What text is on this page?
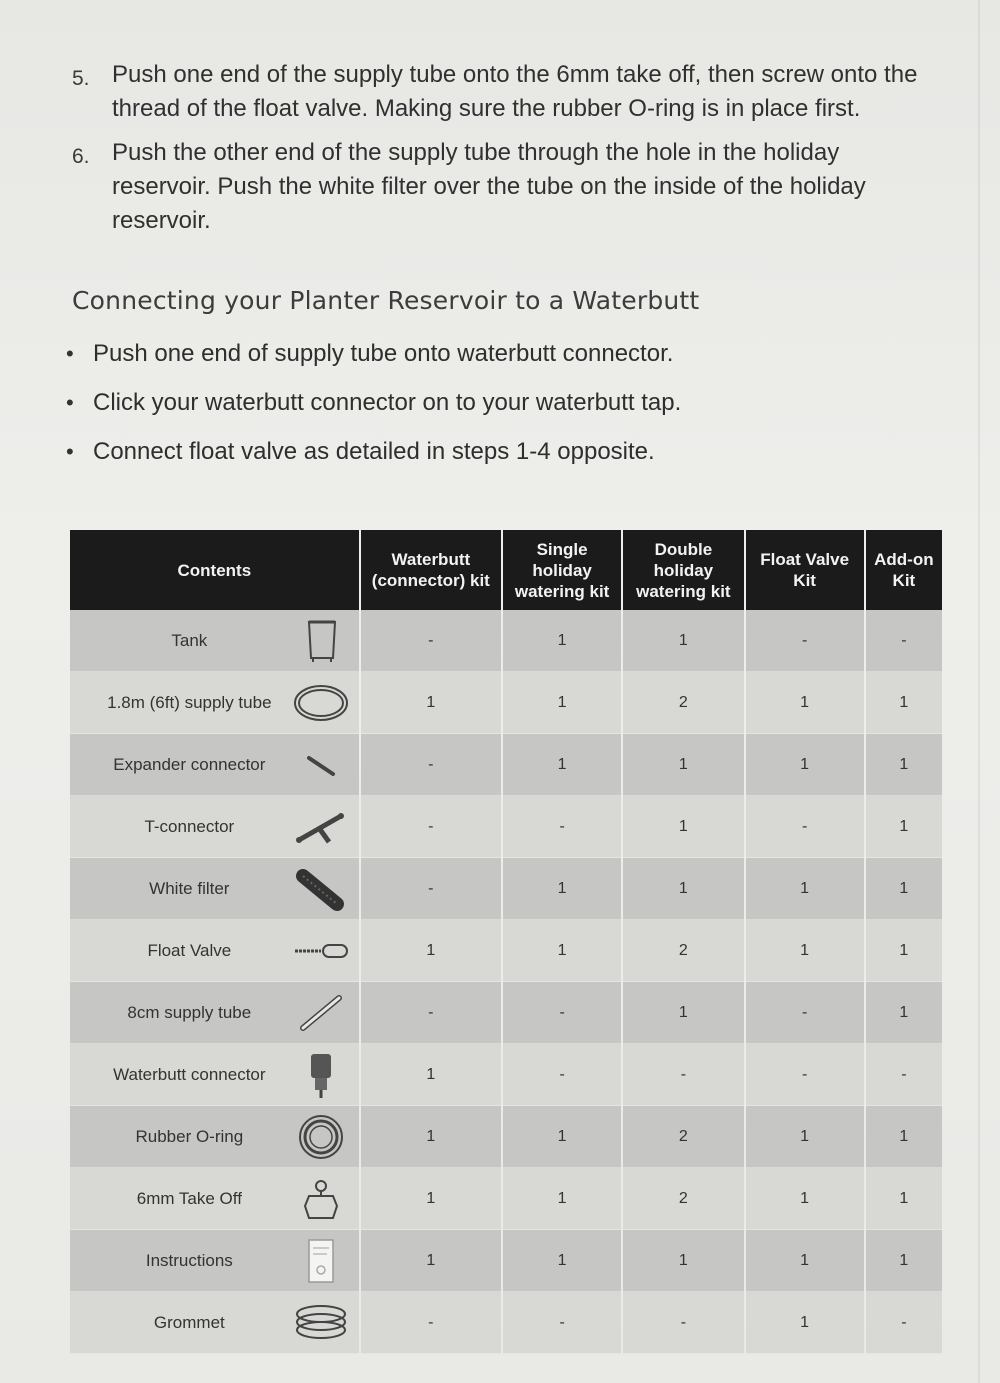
5. Push one end of the supply tube onto the 6mm take off, then screw onto the thread of the float valve. Making sure the rubber O-ring is in place first.
6. Push the other end of the supply tube through the hole in the holiday reservoir. Push the white filter over the tube on the inside of the holiday reservoir.
Connecting your Planter Reservoir to a Waterbutt
• Push one end of supply tube onto waterbutt connector.
• Click your waterbutt connector on to your waterbutt tap.
• Connect float valve as detailed in steps 1-4 opposite.
Contents	Waterbutt (connector) kit	Single holiday watering kit	Double holiday watering kit	Float Valve Kit	Add-on Kit

Tank	-	1	1	-	-

1.8m (6ft) supply tube	1	1	2	1	1

Expander connector	-	1	1	1	1

T-connector	-	-	1	-	1

White filter	-	1	1	1	1

Float Valve	1	1	2	1	1

8cm supply tube	-	-	1	-	1

Waterbutt connector	1	-	-	-	-

Rubber O-ring	1	1	2	1	1

6mm Take Off	1	1	2	1	1

Instructions	1	1	1	1	1

Grommet	-	-	-	1	-
